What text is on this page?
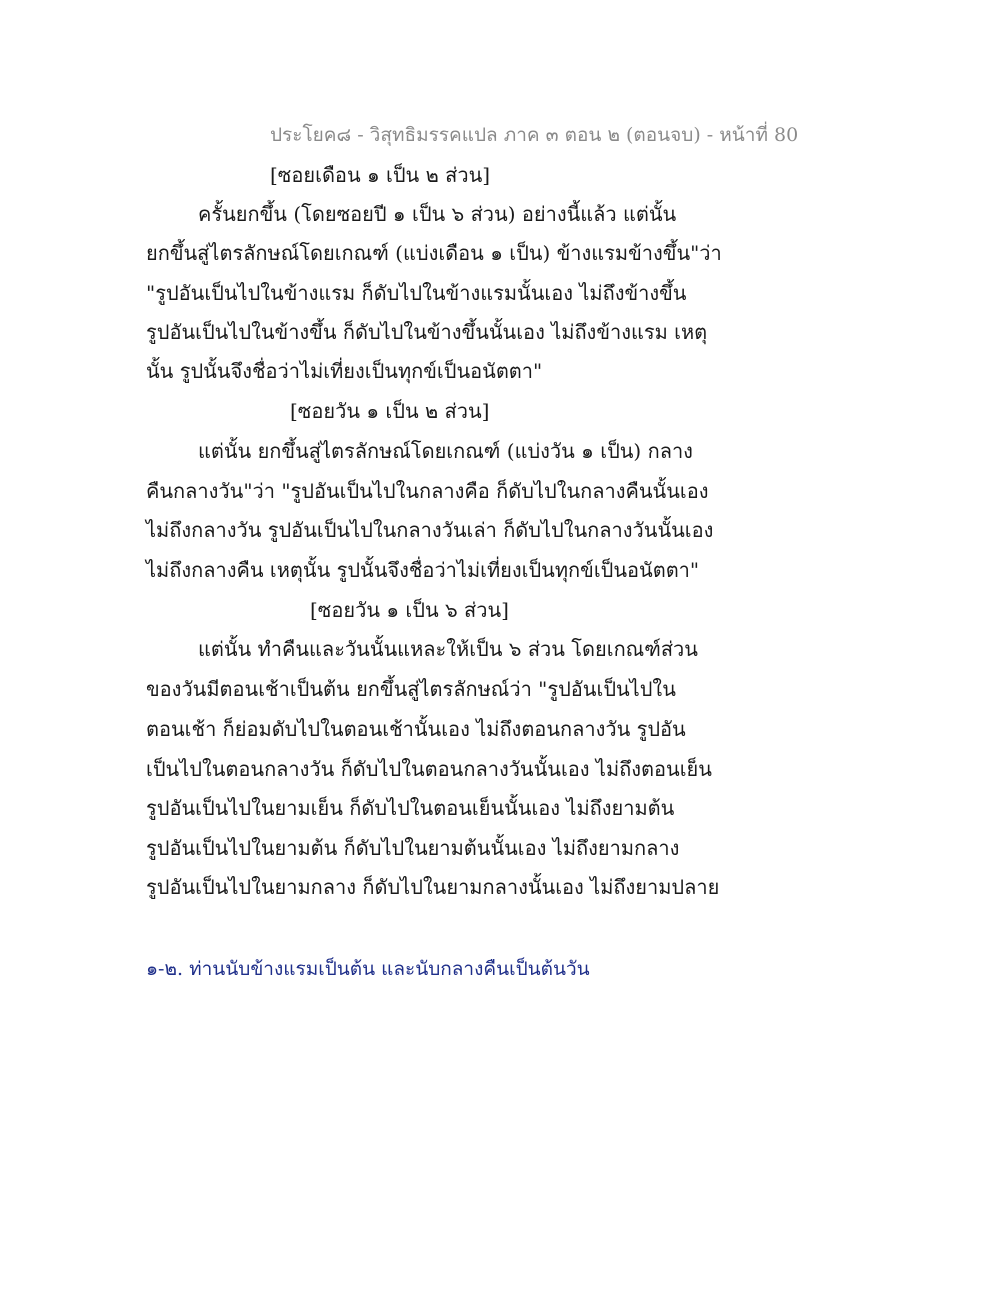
ประโยค๘ - วิสุทธิมรรคแปล ภาค ๓ ตอน ๒ (ตอนจบ) - หน้าที่ 80
[ซอยเดือน ๑ เป็น ๒ ส่วน]
ครั้นยกขึ้น (โดยซอยปี ๑ เป็น ๖ ส่วน) อย่างนี้แล้ว แต่นั้น
ยกขึ้นสู่ไตรลักษณ์โดยเกณฑ์ (แบ่งเดือน ๑ เป็น) ข้างแรมข้างขึ้น"ว่า
"รูปอันเป็นไปในข้างแรม ก็ดับไปในข้างแรมนั้นเอง ไม่ถึงข้างขึ้น
รูปอันเป็นไปในข้างขึ้น ก็ดับไปในข้างขึ้นนั้นเอง ไม่ถึงข้างแรม เหตุ
นั้น รูปนั้นจึงชื่อว่าไม่เที่ยงเป็นทุกข์เป็นอนัตตา"
[ซอยวัน ๑ เป็น ๒ ส่วน]
แต่นั้น ยกขึ้นสู่ไตรลักษณ์โดยเกณฑ์ (แบ่งวัน ๑ เป็น) กลาง
คืนกลางวัน"ว่า "รูปอันเป็นไปในกลางคือ ก็ดับไปในกลางคืนนั้นเอง
ไม่ถึงกลางวัน รูปอันเป็นไปในกลางวันเล่า ก็ดับไปในกลางวันนั้นเอง
ไม่ถึงกลางคืน เหตุนั้น รูปนั้นจึงชื่อว่าไม่เที่ยงเป็นทุกข์เป็นอนัตตา"
[ซอยวัน ๑ เป็น ๖ ส่วน]
แต่นั้น ทำคืนและวันนั้นแหละให้เป็น ๖ ส่วน โดยเกณฑ์ส่วน
ของวันมีตอนเช้าเป็นต้น ยกขึ้นสู่ไตรลักษณ์ว่า "รูปอันเป็นไปใน
ตอนเช้า ก็ย่อมดับไปในตอนเช้านั้นเอง ไม่ถึงตอนกลางวัน รูปอัน
เป็นไปในตอนกลางวัน ก็ดับไปในตอนกลางวันนั้นเอง ไม่ถึงตอนเย็น
รูปอันเป็นไปในยามเย็น ก็ดับไปในตอนเย็นนั้นเอง ไม่ถึงยามต้น
รูปอันเป็นไปในยามต้น ก็ดับไปในยามต้นนั้นเอง ไม่ถึงยามกลาง
รูปอันเป็นไปในยามกลาง ก็ดับไปในยามกลางนั้นเอง ไม่ถึงยามปลาย
๑-๒. ท่านนับข้างแรมเป็นต้น และนับกลางคืนเป็นต้นวัน
